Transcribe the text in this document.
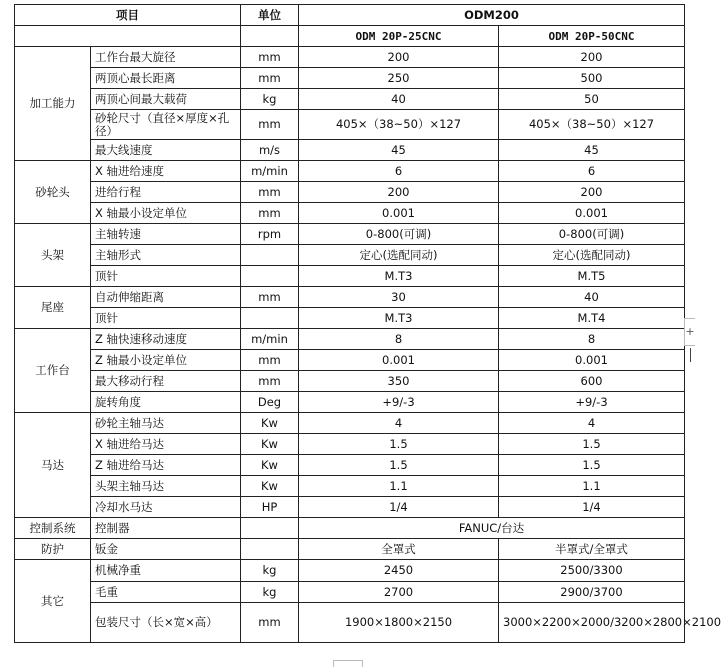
项目		单位	ODM200	
			ODM 20P-25CNC	ODM 20P-50CNC
加工能力	工作台最大旋径	mm	200	200
	两顶心最长距离	mm	250	500
	两顶心间最大载荷	kg	40	50
	砂轮尺寸（直径×厚度×孔径）	mm	405×（38~50）×127	405×（38~50）×127
	最大线速度	m/s	45	45
砂轮头	X 轴进给速度	m/min	6	6
	进给行程	mm	200	200
	X 轴最小设定单位	mm	0.001	0.001
头架	主轴转速	rpm	0-800(可调)	0-800(可调)
	主轴形式		定心(选配同动)	定心(选配同动)
	顶针		M.T3	M.T5
尾座	自动伸缩距离	mm	30	40
	顶针		M.T3	M.T4
工作台	Z 轴快速移动速度	m/min	8	8
	Z 轴最小设定单位	mm	0.001	0.001
	最大移动行程	mm	350	600
	旋转角度	Deg	+9/-3	+9/-3
马达	砂轮主轴马达	Kw	4	4
	X 轴进给马达	Kw	1.5	1.5
	Z 轴进给马达	Kw	1.5	1.5
	头架主轴马达	Kw	1.1	1.1
	冷却水马达	HP	1/4	1/4
控制系统	控制器		FANUC/台达	
防护	钣金		全罩式	半罩式/全罩式
其它	机械净重	kg	2450	2500/3300
	毛重	kg	2700	2900/3700
	包装尺寸（长×宽×高）	mm	1900×1800×2150	3000×2200×2000/3200×2800×2100
+
